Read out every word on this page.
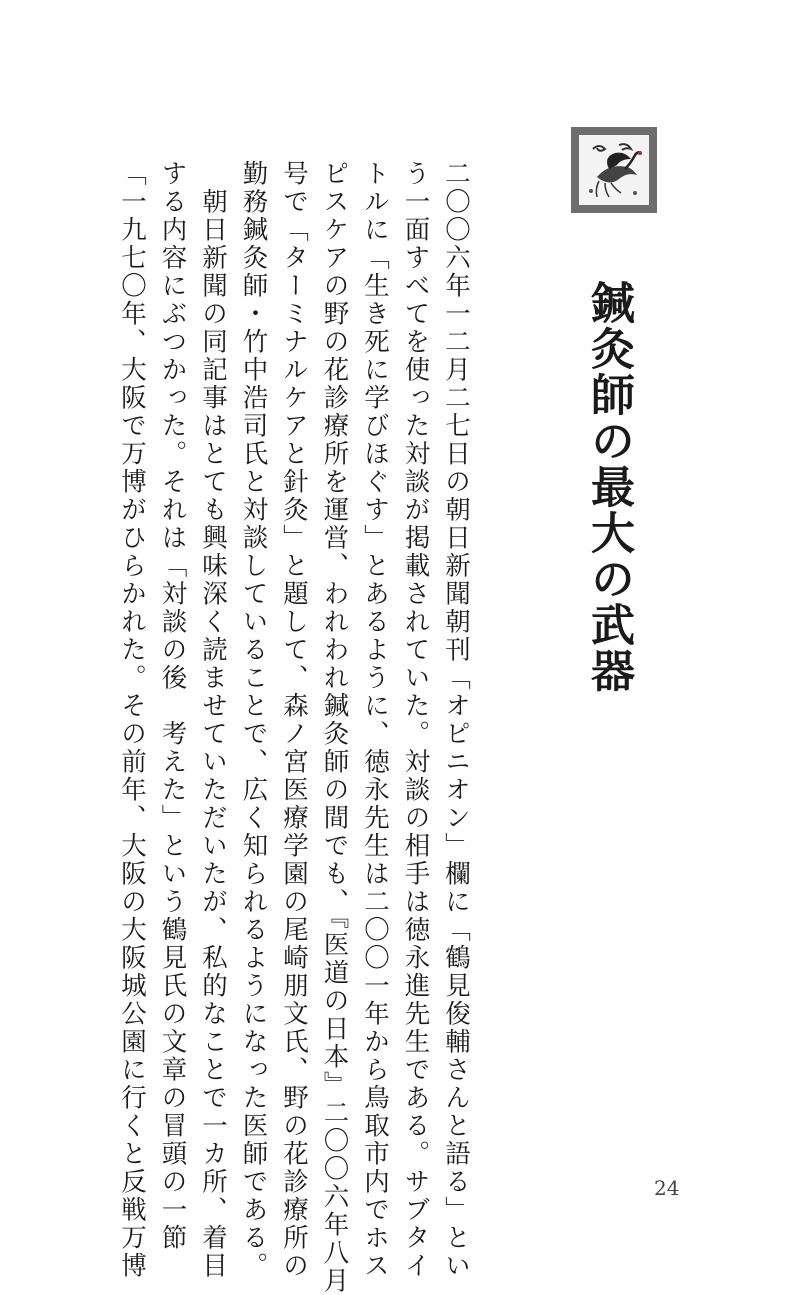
鍼灸師の最大の武器
二〇〇六年一二月二七日の朝日新聞朝刊「オピニオン」欄に「鶴見俊輔さんと語る」とい
う一面すべてを使った対談が掲載されていた。対談の相手は徳永進先生である。サブタイ
トルに「生き死に学びほぐす」とあるように、徳永先生は二〇〇一年から鳥取市内でホス
ピスケアの野の花診療所を運営、われわれ鍼灸師の間でも、『医道の日本』二〇〇六年八月
号で「ターミナルケアと針灸」と題して、森ノ宮医療学園の尾崎朋文氏、野の花診療所の
勤務鍼灸師・竹中浩司氏と対談していることで、広く知られるようになった医師である。
　朝日新聞の同記事はとても興味深く読ませていただいたが、私的なことで一カ所、着目
する内容にぶつかった。それは「対談の後　考えた」という鶴見氏の文章の冒頭の一節
「一九七〇年、大阪で万博がひらかれた。その前年、大阪の大阪城公園に行くと反戦万博	24
